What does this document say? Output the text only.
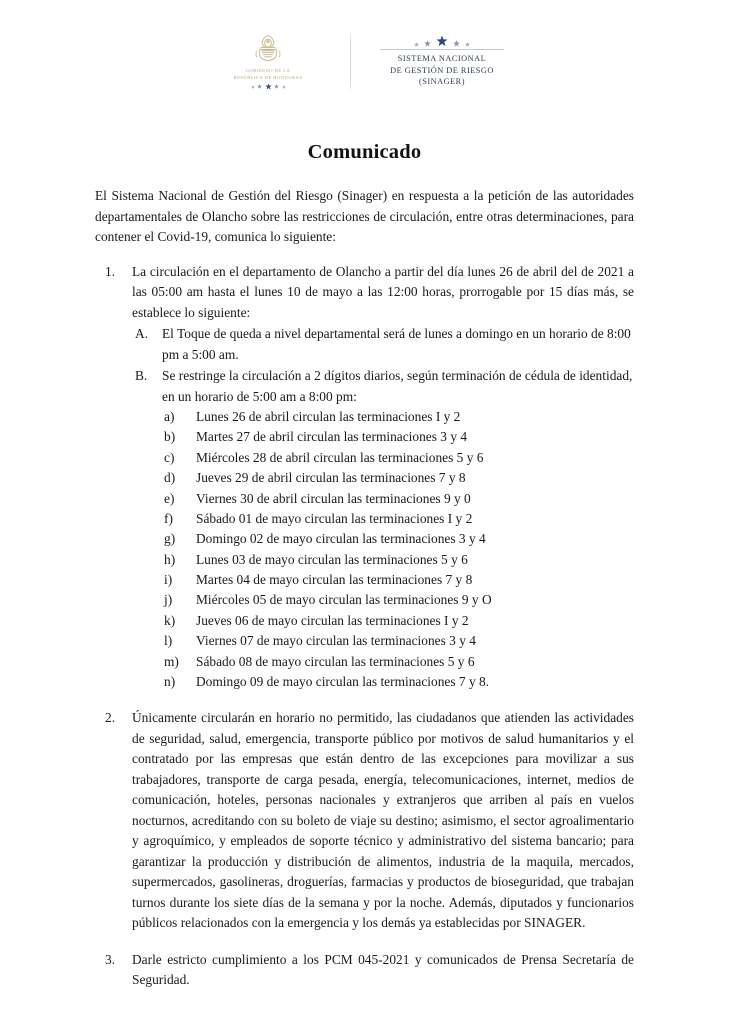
GOBIERNO DE LA
REPÚBLICA DE HONDURAS
SISTEMA NACIONAL
DE GESTIÓN DE RIESGO
(SINAGER)
Comunicado

El Sistema Nacional de Gestión del Riesgo (Sinager) en respuesta a la petición de las autoridades departamentales de Olancho sobre las restricciones de circulación, entre otras determinaciones, para contener el Covid-19, comunica lo siguiente:

1.	La circulación en el departamento de Olancho a partir del día lunes 26 de abril del de 2021 a las 05:00 am hasta el lunes 10 de mayo a las 12:00 horas, prorrogable por 15 días más, se establece lo siguiente:
A.	El Toque de queda a nivel departamental será de lunes a domingo en un horario de 8:00 pm a 5:00 am.
B.	Se restringe la circulación a 2 dígitos diarios, según terminación de cédula de identidad, en un horario de 5:00 am a 8:00 pm:
a)	Lunes 26 de abril circulan las terminaciones I y 2
b)	Martes 27 de abril circulan las terminaciones 3 y 4
c)	Miércoles 28 de abril circulan las terminaciones 5 y 6
d)	Jueves 29 de abril circulan las terminaciones 7 y 8
e)	Viernes 30 de abril circulan las terminaciones 9 y 0
f)	Sábado 01 de mayo circulan las terminaciones I y 2
g)	Domingo 02 de mayo circulan las terminaciones 3 y 4
h)	Lunes 03 de mayo circulan las terminaciones 5 y 6
i)	Martes 04 de mayo circulan las terminaciones 7 y 8
j)	Miércoles 05 de mayo circulan las terminaciones 9 y O
k)	Jueves 06 de mayo circulan las terminaciones I y 2
l)	Viernes 07 de mayo circulan las terminaciones 3 y 4
m)	Sábado 08 de mayo circulan las terminaciones 5 y 6
n)	Domingo 09 de mayo circulan las terminaciones 7 y 8.
2.	Únicamente circularán en horario no permitido, las ciudadanos que atienden las actividades de seguridad, salud, emergencia, transporte público por motivos de salud humanitarios y el contratado por las empresas que están dentro de las excepciones para movilizar a sus trabajadores, transporte de carga pesada, energía, telecomunicaciones, internet, medios de comunicación, hoteles, personas nacionales y extranjeros que arriben al país en vuelos nocturnos, acreditando con su boleto de viaje su destino; asimismo, el sector agroalimentario y agroquímico, y empleados de soporte técnico y administrativo del sistema bancario; para garantizar la producción y distribución de alimentos, industria de la maquila, mercados, supermercados, gasolineras, droguerías, farmacias y productos de bioseguridad, que trabajan turnos durante los siete días de la semana y por la noche. Además, diputados y funcionarios públicos relacionados con la emergencia y los demás ya establecidas por SINAGER.
3.	Darle estricto cumplimiento a los PCM 045-2021 y comunicados de Prensa Secretaría de Seguridad.
